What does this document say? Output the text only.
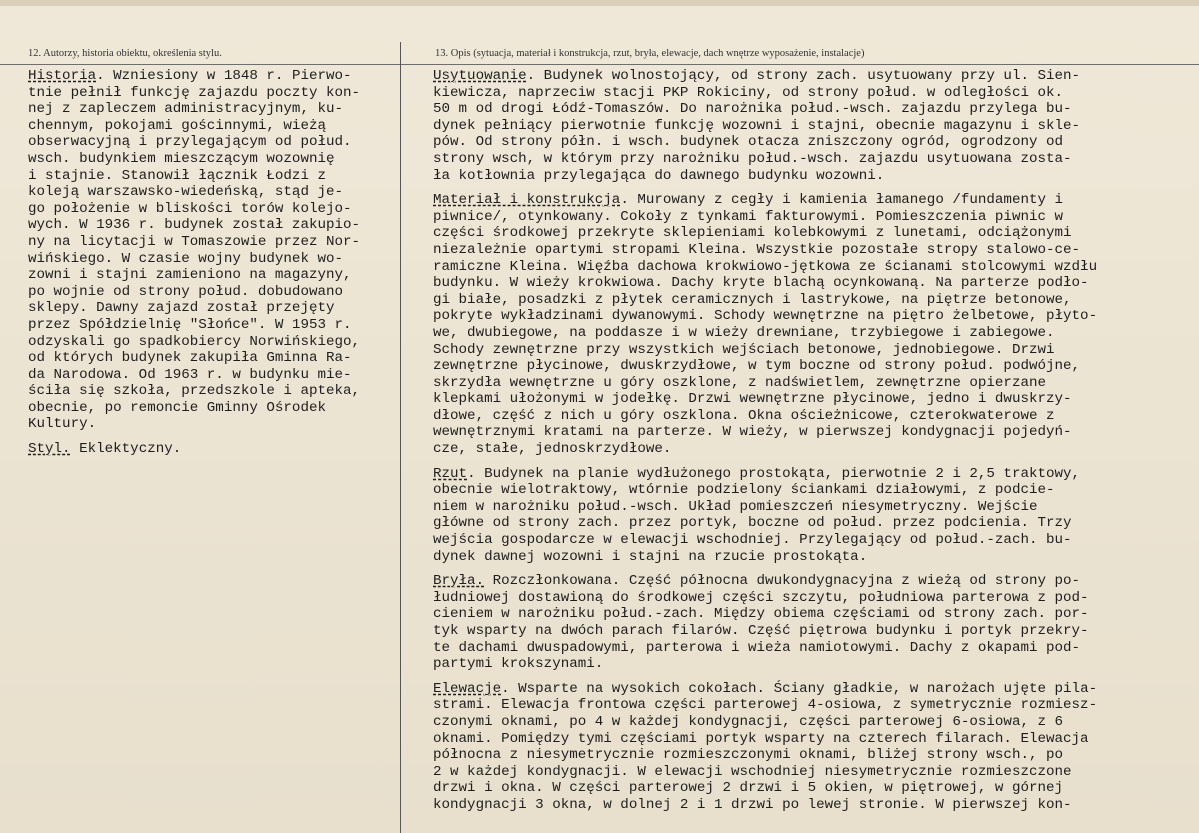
12. Autorzy, historia obiektu, określenia stylu.	13. Opis (sytuacja, materiał i konstrukcja, rzut, bryła, elewacje, dach wnętrze wyposażenie, instalacje)

Historia. Wzniesiony w 1848 r. Pierwo-
tnie pełnił funkcję zajazdu poczty kon-
nej z zapleczem administracyjnym, ku-
chennym, pokojami gościnnymi, wieżą
obserwacyjną i przylegającym od połud.
wsch. budynkiem mieszczącym wozownię
i stajnie. Stanowił łącznik Łodzi z
koleją warszawsko-wiedeńską, stąd je-
go położenie w bliskości torów kolejo-
wych. W 1936 r. budynek został zakupio-
ny na licytacji w Tomaszowie przez Nor-
wińskiego. W czasie wojny budynek wo-
zowni i stajni zamieniono na magazyny,
po wojnie od strony połud. dobudowano
sklepy. Dawny zajazd został przejęty
przez Spółdzielnię "Słońce". W 1953 r.
odzyskali go spadkobiercy Norwińskiego,
od których budynek zakupiła Gminna Ra-
da Narodowa. Od 1963 r. w budynku mie-
ściła się szkoła, przedszkole i apteka,
obecnie, po remoncie Gminny Ośrodek
Kultury.

Styl. Eklektyczny.

Usytuowanie. Budynek wolnostojący, od strony zach. usytuowany przy ul. Sien-
kiewicza, naprzeciw stacji PKP Rokiciny, od strony połud. w odległości ok.
50 m od drogi Łódź-Tomaszów. Do narożnika połud.-wsch. zajazdu przylega bu-
dynek pełniący pierwotnie funkcję wozowni i stajni, obecnie magazynu i skle-
pów. Od strony półn. i wsch. budynek otacza zniszczony ogród, ogrodzony od
strony wsch, w którym przy narożniku połud.-wsch. zajazdu usytuowana zosta-
ła kotłownia przylegająca do dawnego budynku wozowni.

Materiał i konstrukcja. Murowany z cegły i kamienia łamanego /fundamenty i
piwnice/, otynkowany. Cokoły z tynkami fakturowymi. Pomieszczenia piwnic w
części środkowej przekryte sklepieniami kolebkowymi z lunetami, odciążonymi
niezależnie opartymi stropami Kleina. Wszystkie pozostałe stropy stalowo-ce-
ramiczne Kleina. Więźba dachowa krokwiowo-jętkowa ze ścianami stolcowymi wzdłu
budynku. W wieży krokwiowa. Dachy kryte blachą ocynkowaną. Na parterze podło-
gi białe, posadzki z płytek ceramicznych i lastrykowe, na piętrze betonowe,
pokryte wykładzinami dywanowymi. Schody wewnętrzne na piętro żelbetowe, płyto-
we, dwubiegowe, na poddasze i w wieży drewniane, trzybiegowe i zabiegowe.
Schody zewnętrzne przy wszystkich wejściach betonowe, jednobiegowe. Drzwi
zewnętrzne płycinowe, dwuskrzydłowe, w tym boczne od strony połud. podwójne,
skrzydła wewnętrzne u góry oszklone, z nadświetlem, zewnętrzne opierzane
klepkami ułożonymi w jodełkę. Drzwi wewnętrzne płycinowe, jedno i dwuskrzy-
dłowe, część z nich u góry oszklona. Okna ościeżnicowe, czterokwaterowe z
wewnętrznymi kratami na parterze. W wieży, w pierwszej kondygnacji pojedyń-
cze, stałe, jednoskrzydłowe.

Rzut. Budynek na planie wydłużonego prostokąta, pierwotnie 2 i 2,5 traktowy,
obecnie wielotraktowy, wtórnie podzielony ściankami działowymi, z podcie-
niem w narożniku połud.-wsch. Układ pomieszczeń niesymetryczny. Wejście
główne od strony zach. przez portyk, boczne od połud. przez podcienia. Trzy
wejścia gospodarcze w elewacji wschodniej. Przylegający od połud.-zach. bu-
dynek dawnej wozowni i stajni na rzucie prostokąta.

Bryła. Rozczłonkowana. Część północna dwukondygnacyjna z wieżą od strony po-
łudniowej dostawioną do środkowej części szczytu, południowa parterowa z pod-
cieniem w narożniku połud.-zach. Między obiema częściami od strony zach. por-
tyk wsparty na dwóch parach filarów. Część piętrowa budynku i portyk przekry-
te dachami dwuspadowymi, parterowa i wieża namiotowymi. Dachy z okapami pod-
partymi krokszynami.

Elewacje. Wsparte na wysokich cokołach. Ściany gładkie, w narożach ujęte pila-
strami. Elewacja frontowa części parterowej 4-osiowa, z symetrycznie rozmiesz-
czonymi oknami, po 4 w każdej kondygnacji, części parterowej 6-osiowa, z 6
oknami. Pomiędzy tymi częściami portyk wsparty na czterech filarach. Elewacja
północna z niesymetrycznie rozmieszczonymi oknami, bliżej strony wsch., po
2 w każdej kondygnacji. W elewacji wschodniej niesymetrycznie rozmieszczone
drzwi i okna. W części parterowej 2 drzwi i 5 okien, w piętrowej, w górnej
kondygnacji 3 okna, w dolnej 2 i 1 drzwi po lewej stronie. W pierwszej kon-
